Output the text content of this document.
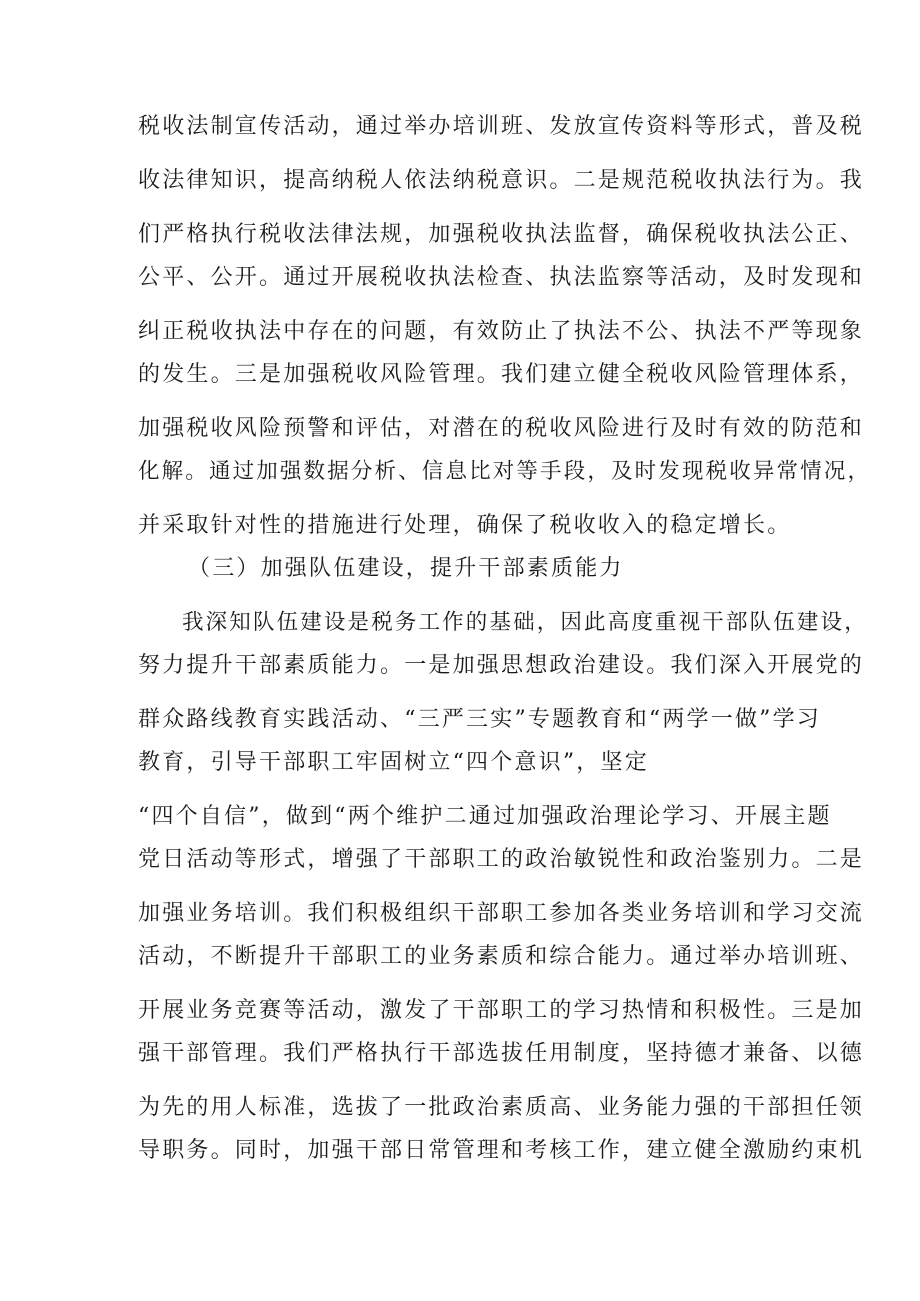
税收法制宣传活动，通过举办培训班、发放宣传资料等形式，普及税
收法律知识，提高纳税人依法纳税意识。二是规范税收执法行为。我
们严格执行税收法律法规，加强税收执法监督，确保税收执法公正、
公平、公开。通过开展税收执法检查、执法监察等活动，及时发现和
纠正税收执法中存在的问题，有效防止了执法不公、执法不严等现象
的发生。三是加强税收风险管理。我们建立健全税收风险管理体系，
加强税收风险预警和评估，对潜在的税收风险进行及时有效的防范和
化解。通过加强数据分析、信息比对等手段，及时发现税收异常情况，
并采取针对性的措施进行处理，确保了税收收入的稳定增长。
（三）加强队伍建设，提升干部素质能力
我深知队伍建设是税务工作的基础，因此高度重视干部队伍建设，
努力提升干部素质能力。一是加强思想政治建设。我们深入开展党的
群众路线教育实践活动、“三严三实”专题教育和“两学一做”学习
教育，引导干部职工牢固树立“四个意识”，坚定
“四个自信”，做到“两个维护二通过加强政治理论学习、开展主题
党日活动等形式，增强了干部职工的政治敏锐性和政治鉴别力。二是
加强业务培训。我们积极组织干部职工参加各类业务培训和学习交流
活动，不断提升干部职工的业务素质和综合能力。通过举办培训班、
开展业务竞赛等活动，激发了干部职工的学习热情和积极性。三是加
强干部管理。我们严格执行干部选拔任用制度，坚持德才兼备、以德
为先的用人标准，选拔了一批政治素质高、业务能力强的干部担任领
导职务。同时，加强干部日常管理和考核工作，建立健全激励约束机
